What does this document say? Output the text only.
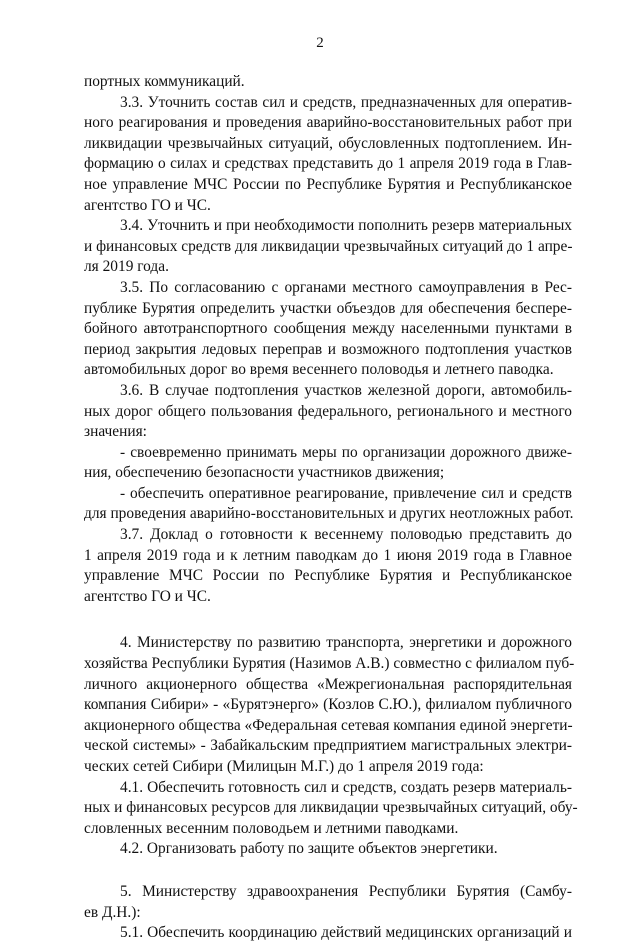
2
портных коммуникаций.
3.3. Уточнить состав сил и средств, предназначенных для оператив-
ного реагирования и проведения аварийно-восстановительных работ при
ликвидации чрезвычайных ситуаций, обусловленных подтоплением. Ин-
формацию о силах и средствах представить до 1 апреля 2019 года в Глав-
ное управление МЧС России по Республике Бурятия и Республиканское
агентство ГО и ЧС.
3.4. Уточнить и при необходимости пополнить резерв материальных
и финансовых средств для ликвидации чрезвычайных ситуаций до 1 апре-
ля 2019 года.
3.5. По согласованию с органами местного самоуправления в Рес-
публике Бурятия определить участки объездов для обеспечения беспере-
бойного автотранспортного сообщения между населенными пунктами в
период закрытия ледовых переправ и возможного подтопления участков
автомобильных дорог во время весеннего половодья и летнего паводка.
3.6. В случае подтопления участков железной дороги, автомобиль-
ных дорог общего пользования федерального, регионального и местного
значения:
- своевременно принимать меры по организации дорожного движе-
ния, обеспечению безопасности участников движения;
- обеспечить оперативное реагирование, привлечение сил и средств
для проведения аварийно-восстановительных и других неотложных работ.
3.7. Доклад о готовности к весеннему половодью представить до
1 апреля 2019 года и к летним паводкам до 1 июня 2019 года в Главное
управление МЧС России по Республике Бурятия и Республиканское
агентство ГО и ЧС.
4. Министерству по развитию транспорта, энергетики и дорожного
хозяйства Республики Бурятия (Назимов А.В.) совместно с филиалом пуб-
личного акционерного общества «Межрегиональная распорядительная
компания Сибири» - «Бурятэнерго» (Козлов С.Ю.), филиалом публичного
акционерного общества «Федеральная сетевая компания единой энергети-
ческой системы» - Забайкальским предприятием магистральных электри-
ческих сетей Сибири (Милицын М.Г.) до 1 апреля 2019 года:
4.1. Обеспечить готовность сил и средств, создать резерв материаль-
ных и финансовых ресурсов для ликвидации чрезвычайных ситуаций, обу-
словленных весенним половодьем и летними паводками.
4.2. Организовать работу по защите объектов энергетики.
5. Министерству здравоохранения Республики Бурятия (Самбу-
ев Д.Н.):
5.1. Обеспечить координацию действий медицинских организаций и
